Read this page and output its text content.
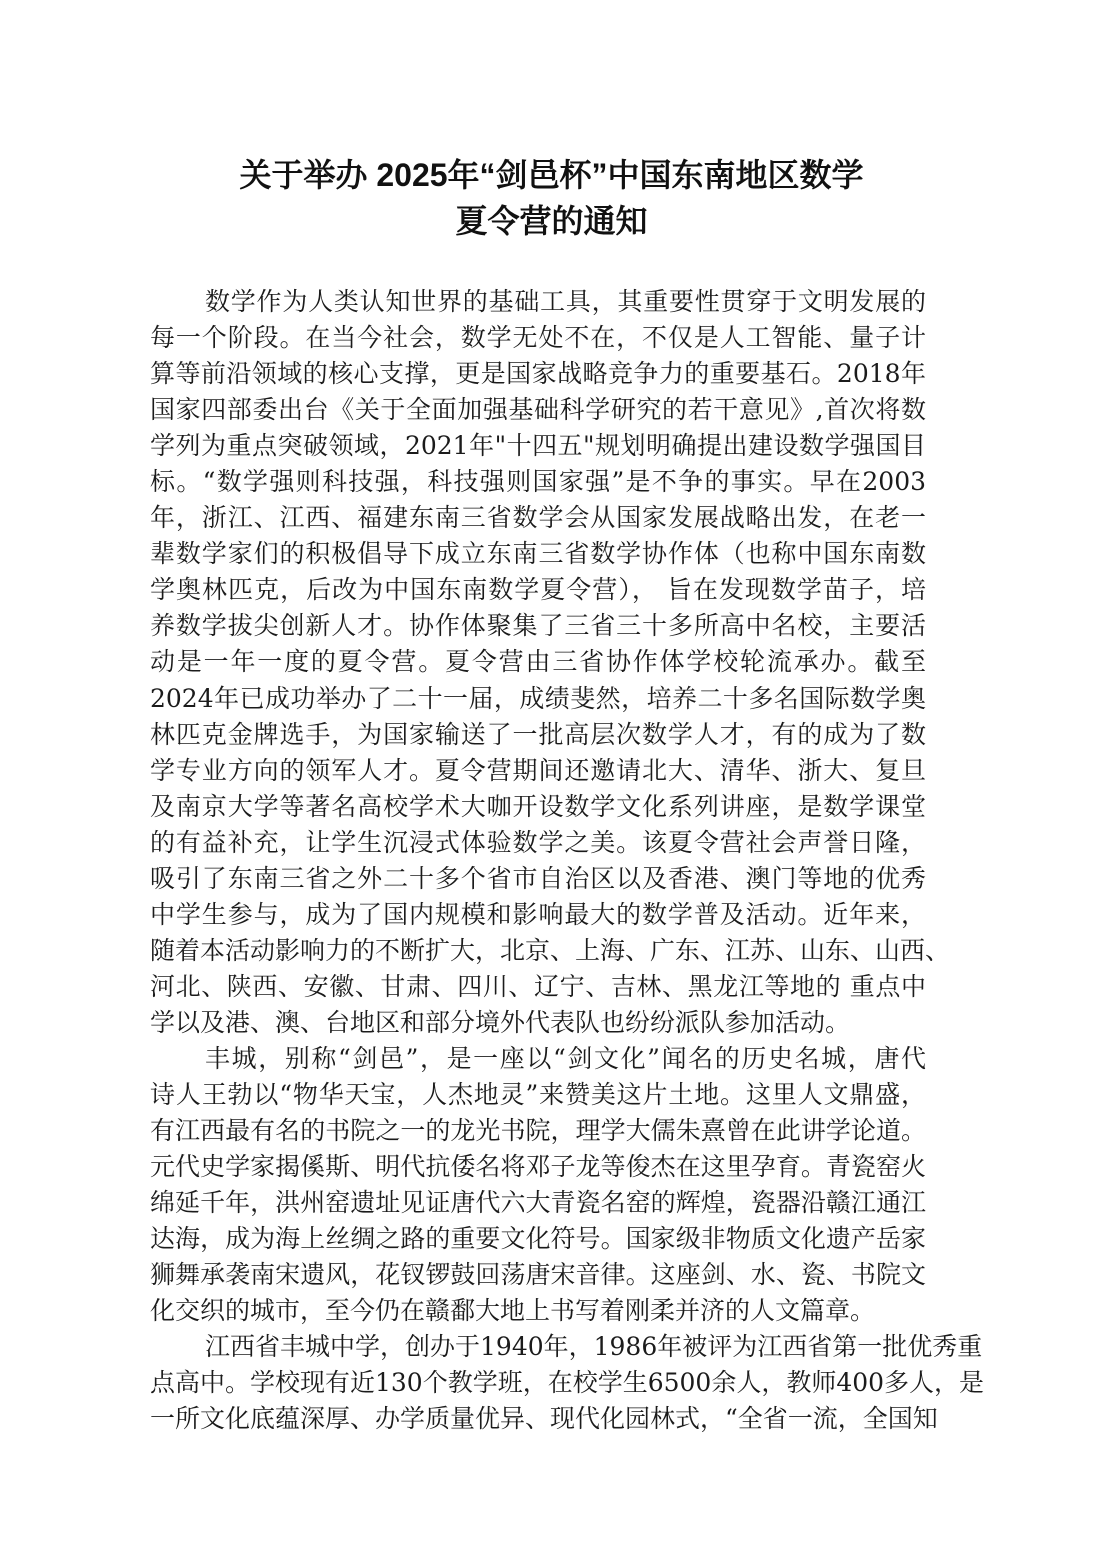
关于举办 2025年“剑邑杯”中国东南地区数学
夏令营的通知
数学作为人类认知世界的基础工具，其重要性贯穿于文明发展的
每一个阶段。在当今社会，数学无处不在，不仅是人工智能、量子计
算等前沿领域的核心支撑，更是国家战略竞争力的重要基石。2018年
国家四部委出台《关于全面加强基础科学研究的若干意见》,首次将数
学列为重点突破领域，2021年"十四五"规划明确提出建设数学强国目
标。“数学强则科技强，科技强则国家强”是不争的事实。早在2003
年，浙江、江西、福建东南三省数学会从国家发展战略出发，在老一
辈数学家们的积极倡导下成立东南三省数学协作体（也称中国东南数
学奥林匹克，后改为中国东南数学夏令营）， 旨在发现数学苗子，培
养数学拔尖创新人才。协作体聚集了三省三十多所高中名校，主要活
动是一年一度的夏令营。夏令营由三省协作体学校轮流承办。截至
2024年已成功举办了二十一届，成绩斐然，培养二十多名国际数学奥
林匹克金牌选手，为国家输送了一批高层次数学人才，有的成为了数
学专业方向的领军人才。夏令营期间还邀请北大、清华、浙大、复旦
及南京大学等著名高校学术大咖开设数学文化系列讲座，是数学课堂
的有益补充，让学生沉浸式体验数学之美。该夏令营社会声誉日隆，
吸引了东南三省之外二十多个省市自治区以及香港、澳门等地的优秀
中学生参与，成为了国内规模和影响最大的数学普及活动。近年来，
随着本活动影响力的不断扩大，北京、上海、广东、江苏、山东、山西、
河北、陕西、安徽、甘肃、四川、辽宁、吉林、黑龙江等地的 重点中
学以及港、澳、台地区和部分境外代表队也纷纷派队参加活动。
丰城，别称“剑邑”，是一座以“剑文化”闻名的历史名城，唐代
诗人王勃以“物华天宝，人杰地灵”来赞美这片土地。这里人文鼎盛，
有江西最有名的书院之一的龙光书院，理学大儒朱熹曾在此讲学论道。
元代史学家揭傒斯、明代抗倭名将邓子龙等俊杰在这里孕育。青瓷窑火
绵延千年，洪州窑遗址见证唐代六大青瓷名窑的辉煌，瓷器沿赣江通江
达海，成为海上丝绸之路的重要文化符号。国家级非物质文化遗产岳家
狮舞承袭南宋遗风，花钗锣鼓回荡唐宋音律。这座剑、水、瓷、书院文
化交织的城市，至今仍在赣鄱大地上书写着刚柔并济的人文篇章。
江西省丰城中学，创办于1940年，1986年被评为江西省第一批优秀重
点高中。学校现有近130个教学班，在校学生6500余人，教师400多人，是
一所文化底蕴深厚、办学质量优异、现代化园林式，“全省一流，全国知
